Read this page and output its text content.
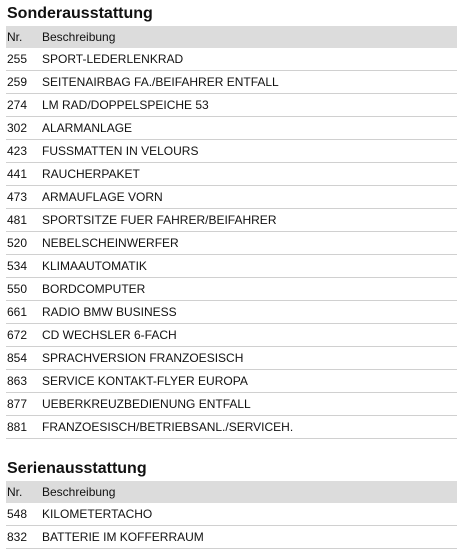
Sonderausstattung
Nr.	Beschreibung
255	SPORT-LEDERLENKRAD
259	SEITENAIRBAG FA./BEIFAHRER ENTFALL
274	LM RAD/DOPPELSPEICHE 53
302	ALARMANLAGE
423	FUSSMATTEN IN VELOURS
441	RAUCHERPAKET
473	ARMAUFLAGE VORN
481	SPORTSITZE FUER FAHRER/BEIFAHRER
520	NEBELSCHEINWERFER
534	KLIMAAUTOMATIK
550	BORDCOMPUTER
661	RADIO BMW BUSINESS
672	CD WECHSLER 6-FACH
854	SPRACHVERSION FRANZOESISCH
863	SERVICE KONTAKT-FLYER EUROPA
877	UEBERKREUZBEDIENUNG ENTFALL
881	FRANZOESISCH/BETRIEBSANL./SERVICEH.
Serienausstattung
Nr.	Beschreibung
548	KILOMETERTACHO
832	BATTERIE IM KOFFERRAUM
